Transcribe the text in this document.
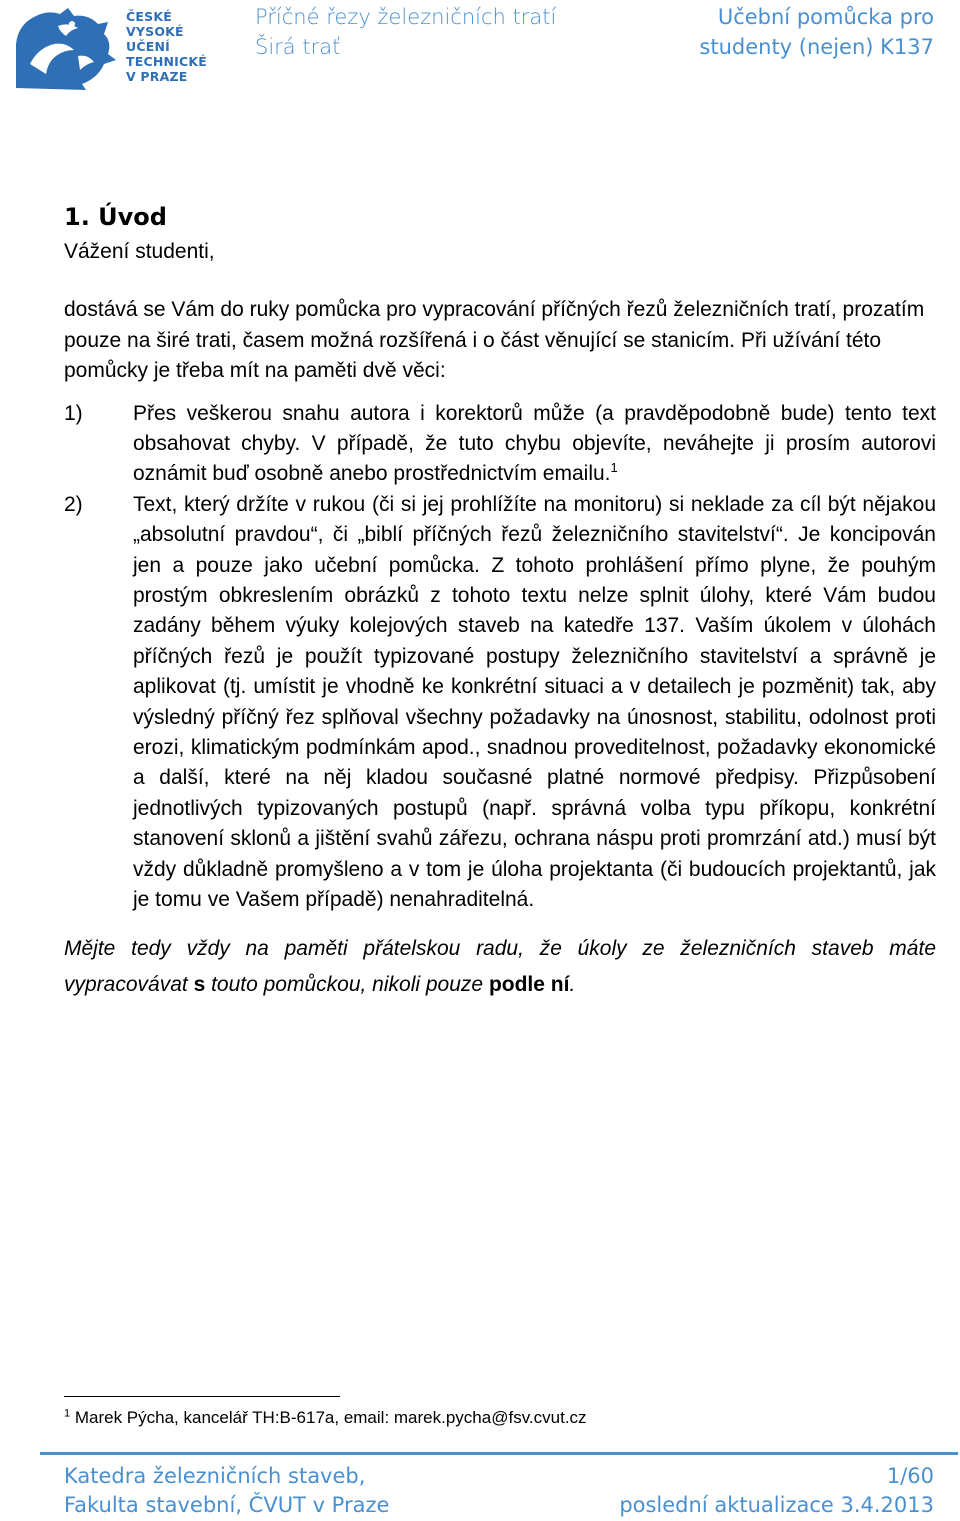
ČESKÉ
VYSOKÉ
UČENÍ
TECHNICKÉ
V PRAZE
Příčné řezy železničních tratí
Širá trať
Učební pomůcka pro
studenty (nejen) K137
1. Úvod
Vážení studenti,
dostává se Vám do ruky pomůcka pro vypracování příčných řezů železničních tratí, prozatím pouze na širé trati, časem možná rozšířená i o část věnující se stanicím. Při užívání této pomůcky je třeba mít na paměti dvě věci:
1) Přes veškerou snahu autora i korektorů může (a pravděpodobně bude) tento text obsahovat chyby. V případě, že tuto chybu objevíte, neváhejte ji prosím autorovi oznámit buď osobně anebo prostřednictvím emailu.$^1$
2) Text, který držíte v rukou (či si jej prohlížíte na monitoru) si neklade za cíl být nějakou „absolutní pravdou“, či „biblí příčných řezů železničního stavitelství“. Je koncipován jen a pouze jako učební pomůcka. Z tohoto prohlášení přímo plyne, že pouhým prostým obkreslením obrázků z tohoto textu nelze splnit úlohy, které Vám budou zadány během výuky kolejových staveb na katedře 137. Vaším úkolem v úlohách příčných řezů je použít typizované postupy železničního stavitelství a správně je aplikovat (tj. umístit je vhodně ke konkrétní situaci a v detailech je pozměnit) tak, aby výsledný příčný řez splňoval všechny požadavky na únosnost, stabilitu, odolnost proti erozi, klimatickým podmínkám apod., snadnou proveditelnost, požadavky ekonomické a další, které na něj kladou současné platné normové předpisy. Přizpůsobení jednotlivých typizovaných postupů (např. správná volba typu příkopu, konkrétní stanovení sklonů a jištění svahů zářezu, ochrana náspu proti promrzání atd.) musí být vždy důkladně promyšleno a v tom je úloha projektanta (či budoucích projektantů, jak je tomu ve Vašem případě) nenahraditelná.
Mějte tedy vždy na paměti přátelskou radu, že úkoly ze železničních staveb máte vypracovávat s touto pomůckou, nikoli pouze podle ní.
$^1$ Marek Pýcha, kancelář TH:B-617a, email: marek.pycha@fsv.cvut.cz
Katedra železničních staveb,
Fakulta stavební, ČVUT v Praze
1/60
poslední aktualizace 3.4.2013
